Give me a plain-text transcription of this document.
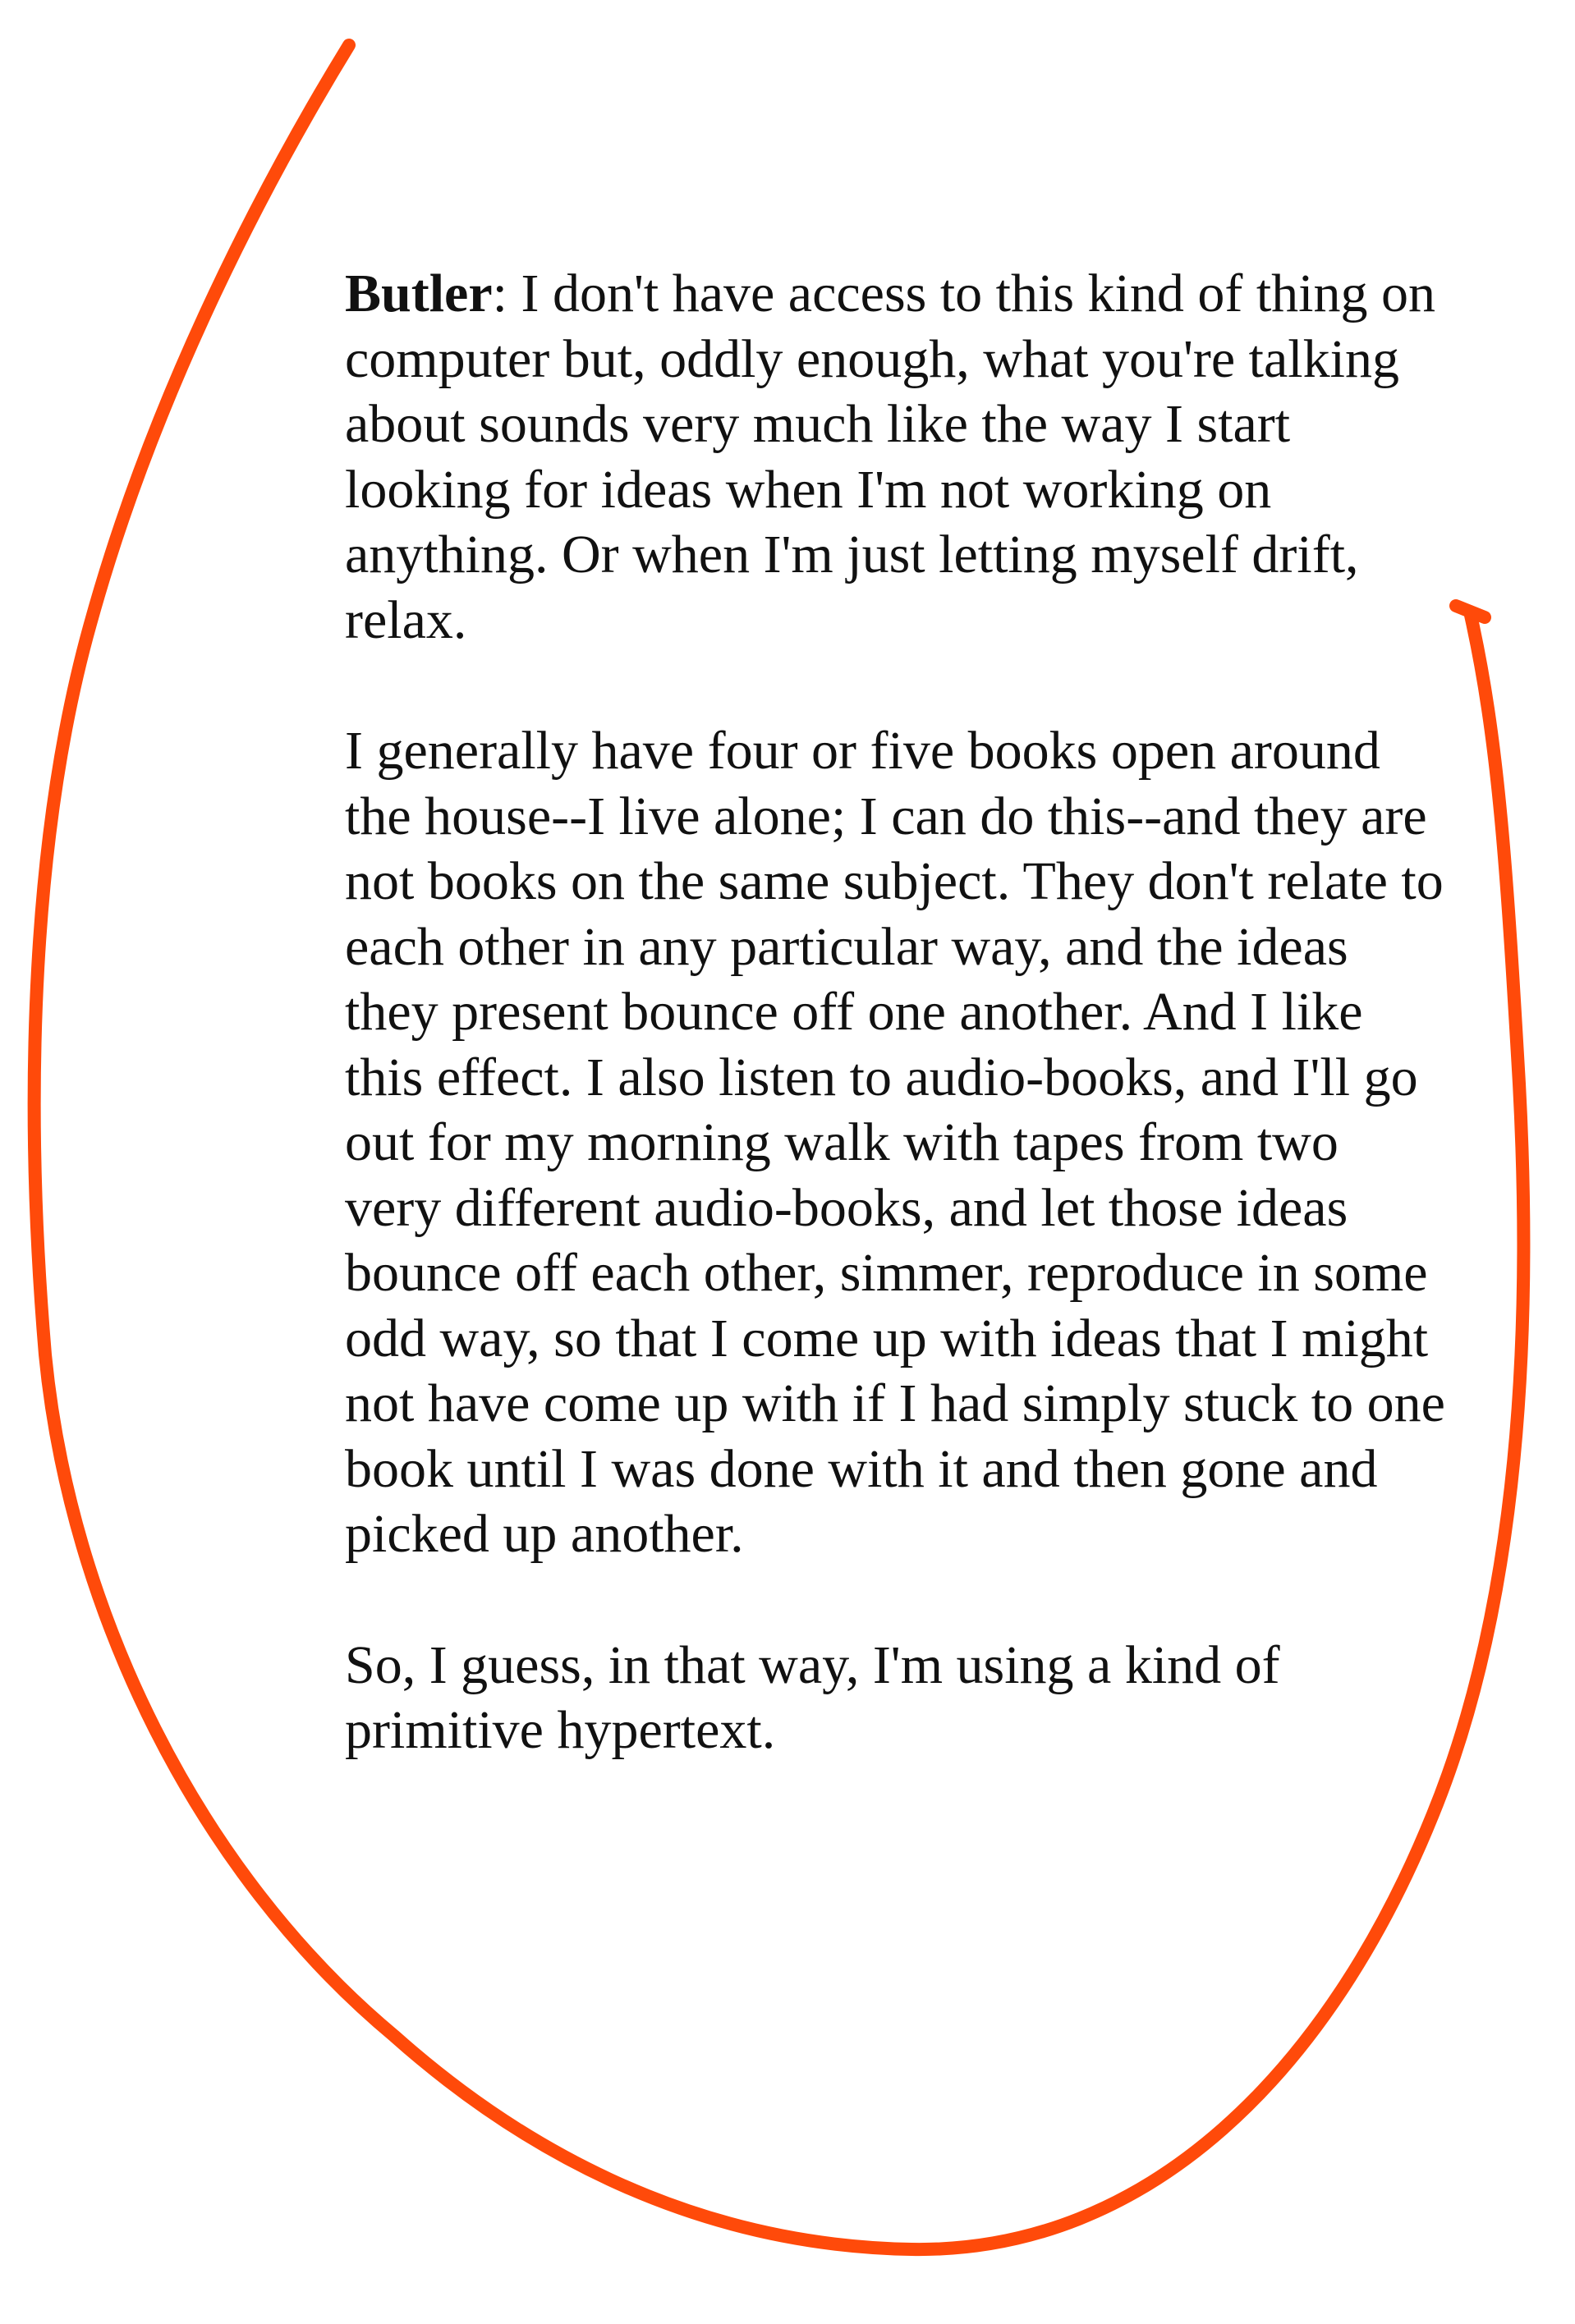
Butler: I don't have access to this kind of thing on computer but, oddly enough, what you're talking about sounds very much like the way I start looking for ideas when I'm not working on anything. Or when I'm just letting myself drift, relax.

I generally have four or five books open around the house--I live alone; I can do this--and they are not books on the same subject. They don't relate to each other in any particular way, and the ideas they present bounce off one another. And I like this effect. I also listen to audio-books, and I'll go out for my morning walk with tapes from two very different audio-books, and let those ideas bounce off each other, simmer, reproduce in some odd way, so that I come up with ideas that I might not have come up with if I had simply stuck to one book until I was done with it and then gone and picked up another.

So, I guess, in that way, I'm using a kind of primitive hypertext.
